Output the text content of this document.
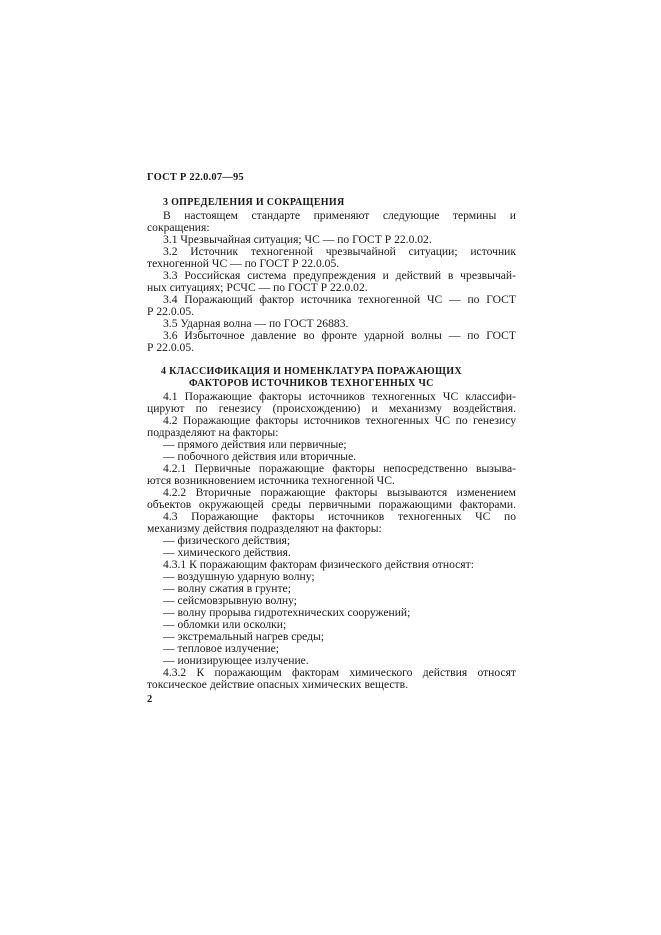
ГОСТ Р 22.0.07—95
3 ОПРЕДЕЛЕНИЯ И СОКРАЩЕНИЯ
В настоящем стандарте применяют следующие термины и
сокращения:
3.1 Чрезвычайная ситуация; ЧС — по ГОСТ Р 22.0.02.
3.2 Источник техногенной чрезвычайной ситуации; источник
техногенной ЧС — по ГОСТ Р 22.0.05.
3.3 Российская система предупреждения и действий в чрезвычай-
ных ситуациях; РСЧС — по ГОСТ Р 22.0.02.
3.4 Поражающий фактор источника техногенной ЧС — по ГОСТ
Р 22.0.05.
3.5 Ударная волна — по ГОСТ 26883.
3.6 Избыточное давление во фронте ударной волны — по ГОСТ
Р 22.0.05.
4 КЛАССИФИКАЦИЯ И НОМЕНКЛАТУРА ПОРАЖАЮЩИХ
ФАКТОРОВ ИСТОЧНИКОВ ТЕХНОГЕННЫХ ЧС
4.1 Поражающие факторы источников техногенных ЧС классифи-
цируют по генезису (происхождению) и механизму воздействия.
4.2 Поражающие факторы источников техногенных ЧС по генезису
подразделяют на факторы:
— прямого действия или первичные;
— побочного действия или вторичные.
4.2.1 Первичные поражающие факторы непосредственно вызыва-
ются возникновением источника техногенной ЧС.
4.2.2 Вторичные поражающие факторы вызываются изменением
объектов окружающей среды первичными поражающими факторами.
4.3 Поражающие факторы источников техногенных ЧС по
механизму действия подразделяют на факторы:
— физического действия;
— химического действия.
4.3.1 К поражающим факторам физического действия относят:
— воздушную ударную волну;
— волну сжатия в грунте;
— сейсмовзрывную волну;
— волну прорыва гидротехнических сооружений;
— обломки или осколки;
— экстремальный нагрев среды;
— тепловое излучение;
— ионизирующее излучение.
4.3.2 К поражающим факторам химического действия относят
токсическое действие опасных химических веществ.
2
